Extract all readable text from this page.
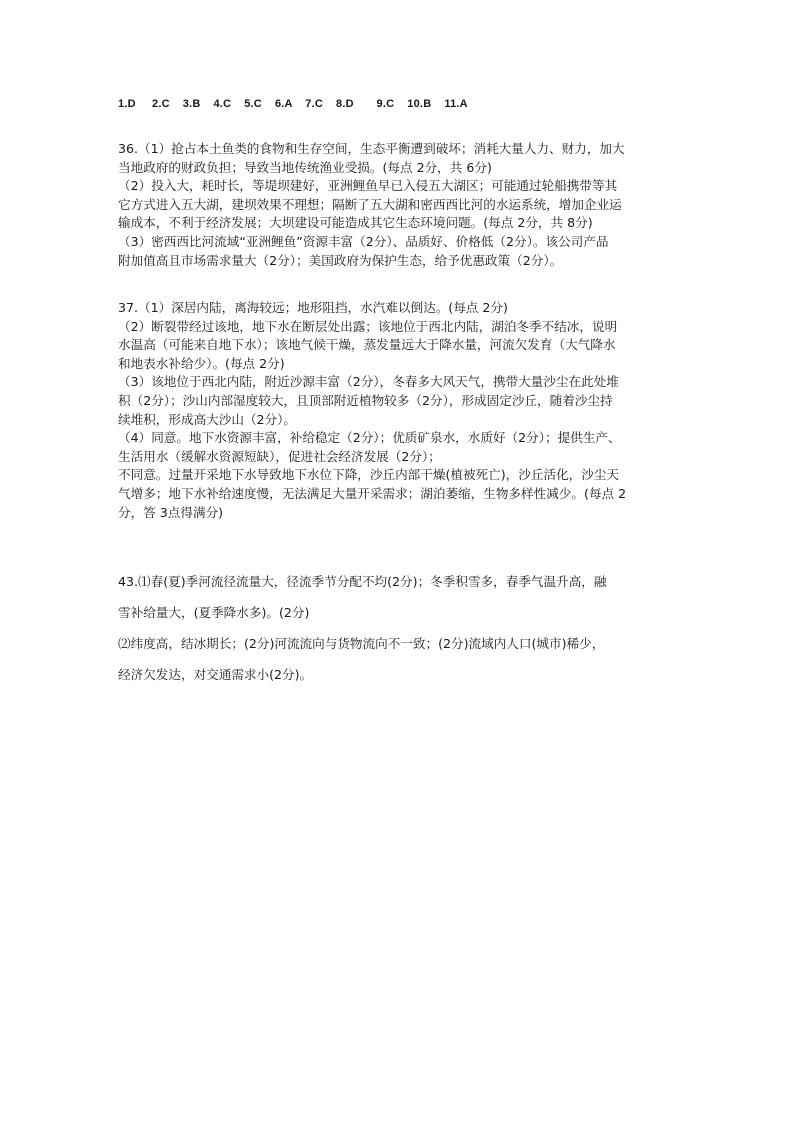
1.D     2.C    3.B    4.C    5.C    6.A    7.C    8.D       9.C    10.B    11.A

36.（1）抢占本土鱼类的食物和生存空间，生态平衡遭到破坏；消耗大量人力、财力，加大

当地政府的财政负担；导致当地传统渔业受损。(每点 2分，共 6分)

（2）投入大，耗时长，等堤坝建好，亚洲鲤鱼早已入侵五大湖区；可能通过轮船携带等其

它方式进入五大湖，建坝效果不理想；隔断了五大湖和密西西比河的水运系统，增加企业运

输成本，不利于经济发展；大坝建设可能造成其它生态环境问题。(每点 2分，共 8分)

（3）密西西比河流域“亚洲鲤鱼”资源丰富（2分）、品质好、价格低（2分）。该公司产品

附加值高且市场需求量大（2分）；美国政府为保护生态，给予优惠政策（2分）。

37.（1）深居内陆，离海较远；地形阻挡，水汽难以倒达。(每点 2分)

（2）断裂带经过该地，地下水在断层处出露；该地位于西北内陆，湖泊冬季不结冰，说明

水温高（可能来自地下水）；该地气候干燥，蒸发量远大于降水量，河流欠发育（大气降水

和地表水补给少）。(每点 2分)

（3）该地位于西北内陆，附近沙源丰富（2分），冬春多大风天气，携带大量沙尘在此处堆

积（2分）；沙山内部湿度较大，且顶部附近植物较多（2分），形成固定沙丘，随着沙尘持

续堆积，形成高大沙山（2分）。

（4）同意。地下水资源丰富，补给稳定（2分）；优质矿泉水，水质好（2分）；提供生产、

生活用水（缓解水资源短缺），促进社会经济发展（2分）；

不同意。过量开采地下水导致地下水位下降，沙丘内部干燥(植被死亡)，沙丘活化，沙尘天

气增多；地下水补给速度慢，无法满足大量开采需求；湖泊萎缩，生物多样性减少。(每点 2

分，答 3点得满分)

43.⑴春(夏)季河流径流量大，径流季节分配不均(2分)；冬季积雪多，春季气温升高，融

雪补给量大，(夏季降水多)。(2分)

⑵纬度高，结冰期长；(2分)河流流向与货物流向不一致；(2分)流域内人口(城市)稀少，

经济欠发达，对交通需求小(2分)。
